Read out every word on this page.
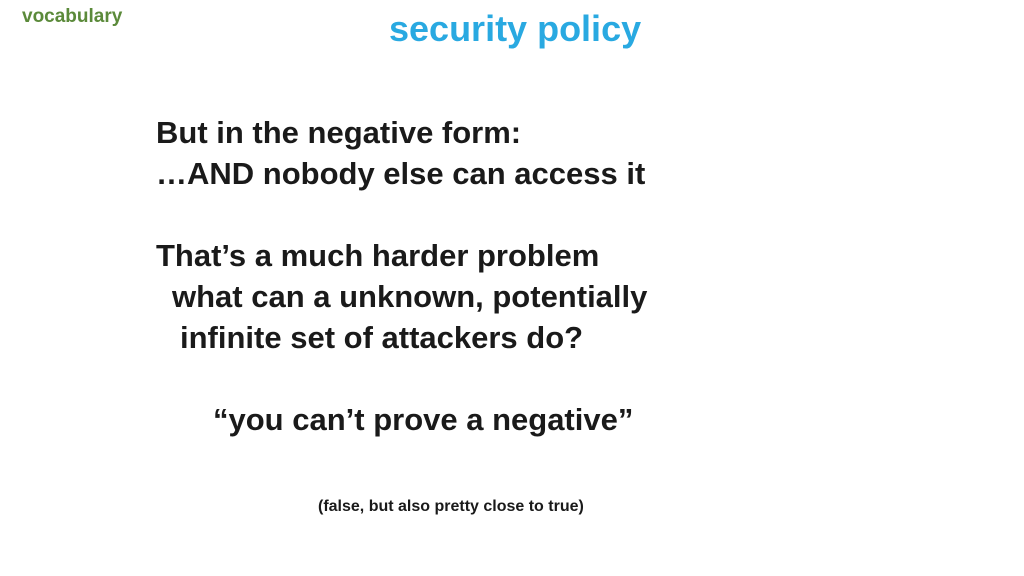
vocabulary	security policy
But in the negative form:
…AND nobody else can access it
That’s a much harder problem
what can a unknown, potentially
infinite set of attackers do?
“you can’t prove a negative”
(false, but also pretty close to true)
